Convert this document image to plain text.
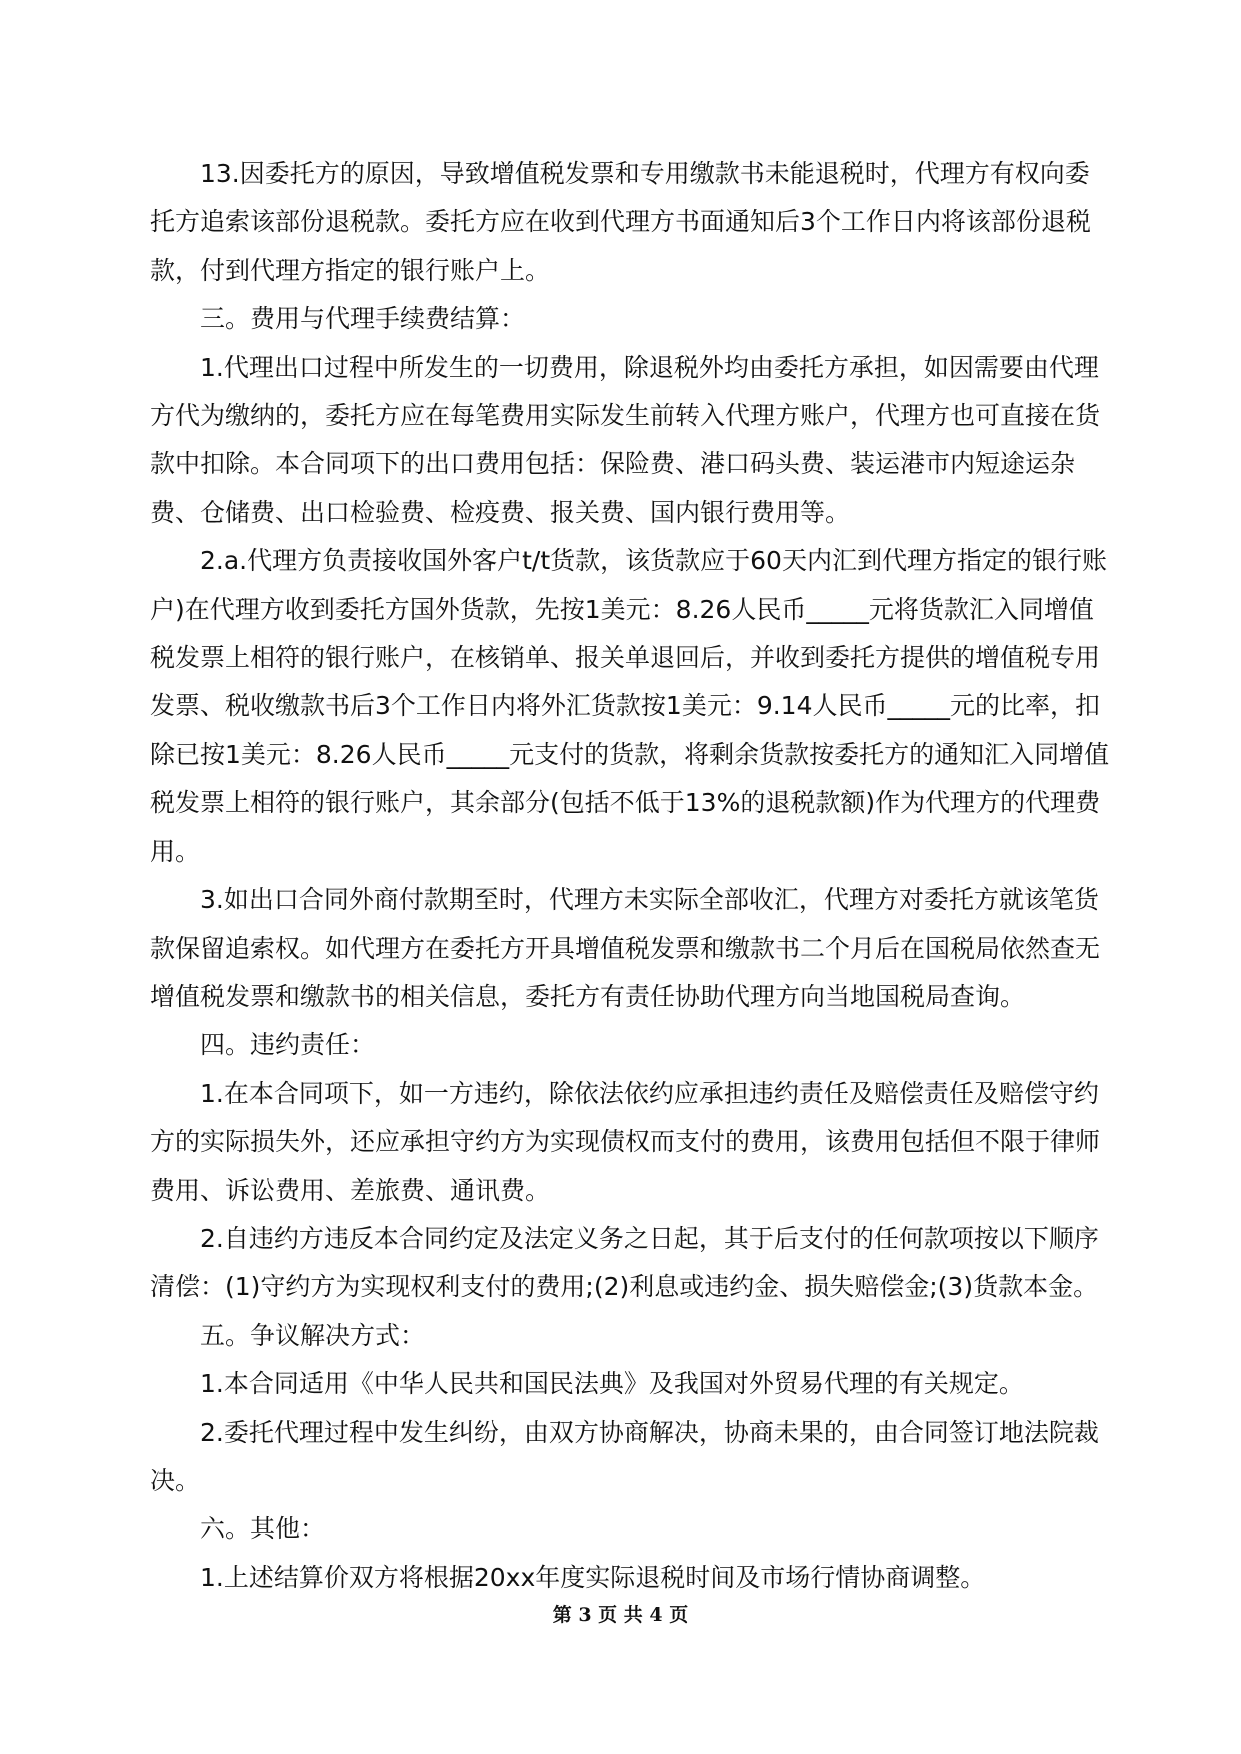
　　13.因委托方的原因，导致增值税发票和专用缴款书未能退税时，代理方有权向委托方追索该部份退税款。委托方应在收到代理方书面通知后3个工作日内将该部份退税款，付到代理方指定的银行账户上。

　　三。费用与代理手续费结算：

　　1.代理出口过程中所发生的一切费用，除退税外均由委托方承担，如因需要由代理方代为缴纳的，委托方应在每笔费用实际发生前转入代理方账户，代理方也可直接在货款中扣除。本合同项下的出口费用包括：保险费、港口码头费、装运港市内短途运杂费、仓储费、出口检验费、检疫费、报关费、国内银行费用等。

　　2.a.代理方负责接收国外客户t/t货款，该货款应于60天内汇到代理方指定的银行账户)在代理方收到委托方国外货款，先按1美元：8.26人民币_____元将货款汇入同增值税发票上相符的银行账户，在核销单、报关单退回后，并收到委托方提供的增值税专用发票、税收缴款书后3个工作日内将外汇货款按1美元：9.14人民币_____元的比率，扣除已按1美元：8.26人民币_____元支付的货款，将剩余货款按委托方的通知汇入同增值税发票上相符的银行账户，其余部分(包括不低于13%的退税款额)作为代理方的代理费用。

　　3.如出口合同外商付款期至时，代理方未实际全部收汇，代理方对委托方就该笔货款保留追索权。如代理方在委托方开具增值税发票和缴款书二个月后在国税局依然查无增值税发票和缴款书的相关信息，委托方有责任协助代理方向当地国税局查询。

　　四。违约责任：

　　1.在本合同项下，如一方违约，除依法依约应承担违约责任及赔偿责任及赔偿守约方的实际损失外，还应承担守约方为实现债权而支付的费用，该费用包括但不限于律师费用、诉讼费用、差旅费、通讯费。

　　2.自违约方违反本合同约定及法定义务之日起，其于后支付的任何款项按以下顺序清偿：(1)守约方为实现权利支付的费用;(2)利息或违约金、损失赔偿金;(3)货款本金。

　　五。争议解决方式：

　　1.本合同适用《中华人民共和国民法典》及我国对外贸易代理的有关规定。

　　2.委托代理过程中发生纠纷，由双方协商解决，协商未果的，由合同签订地法院裁决。

　　六。其他：

　　1.上述结算价双方将根据20xx年度实际退税时间及市场行情协商调整。

第 3 页 共 4 页
